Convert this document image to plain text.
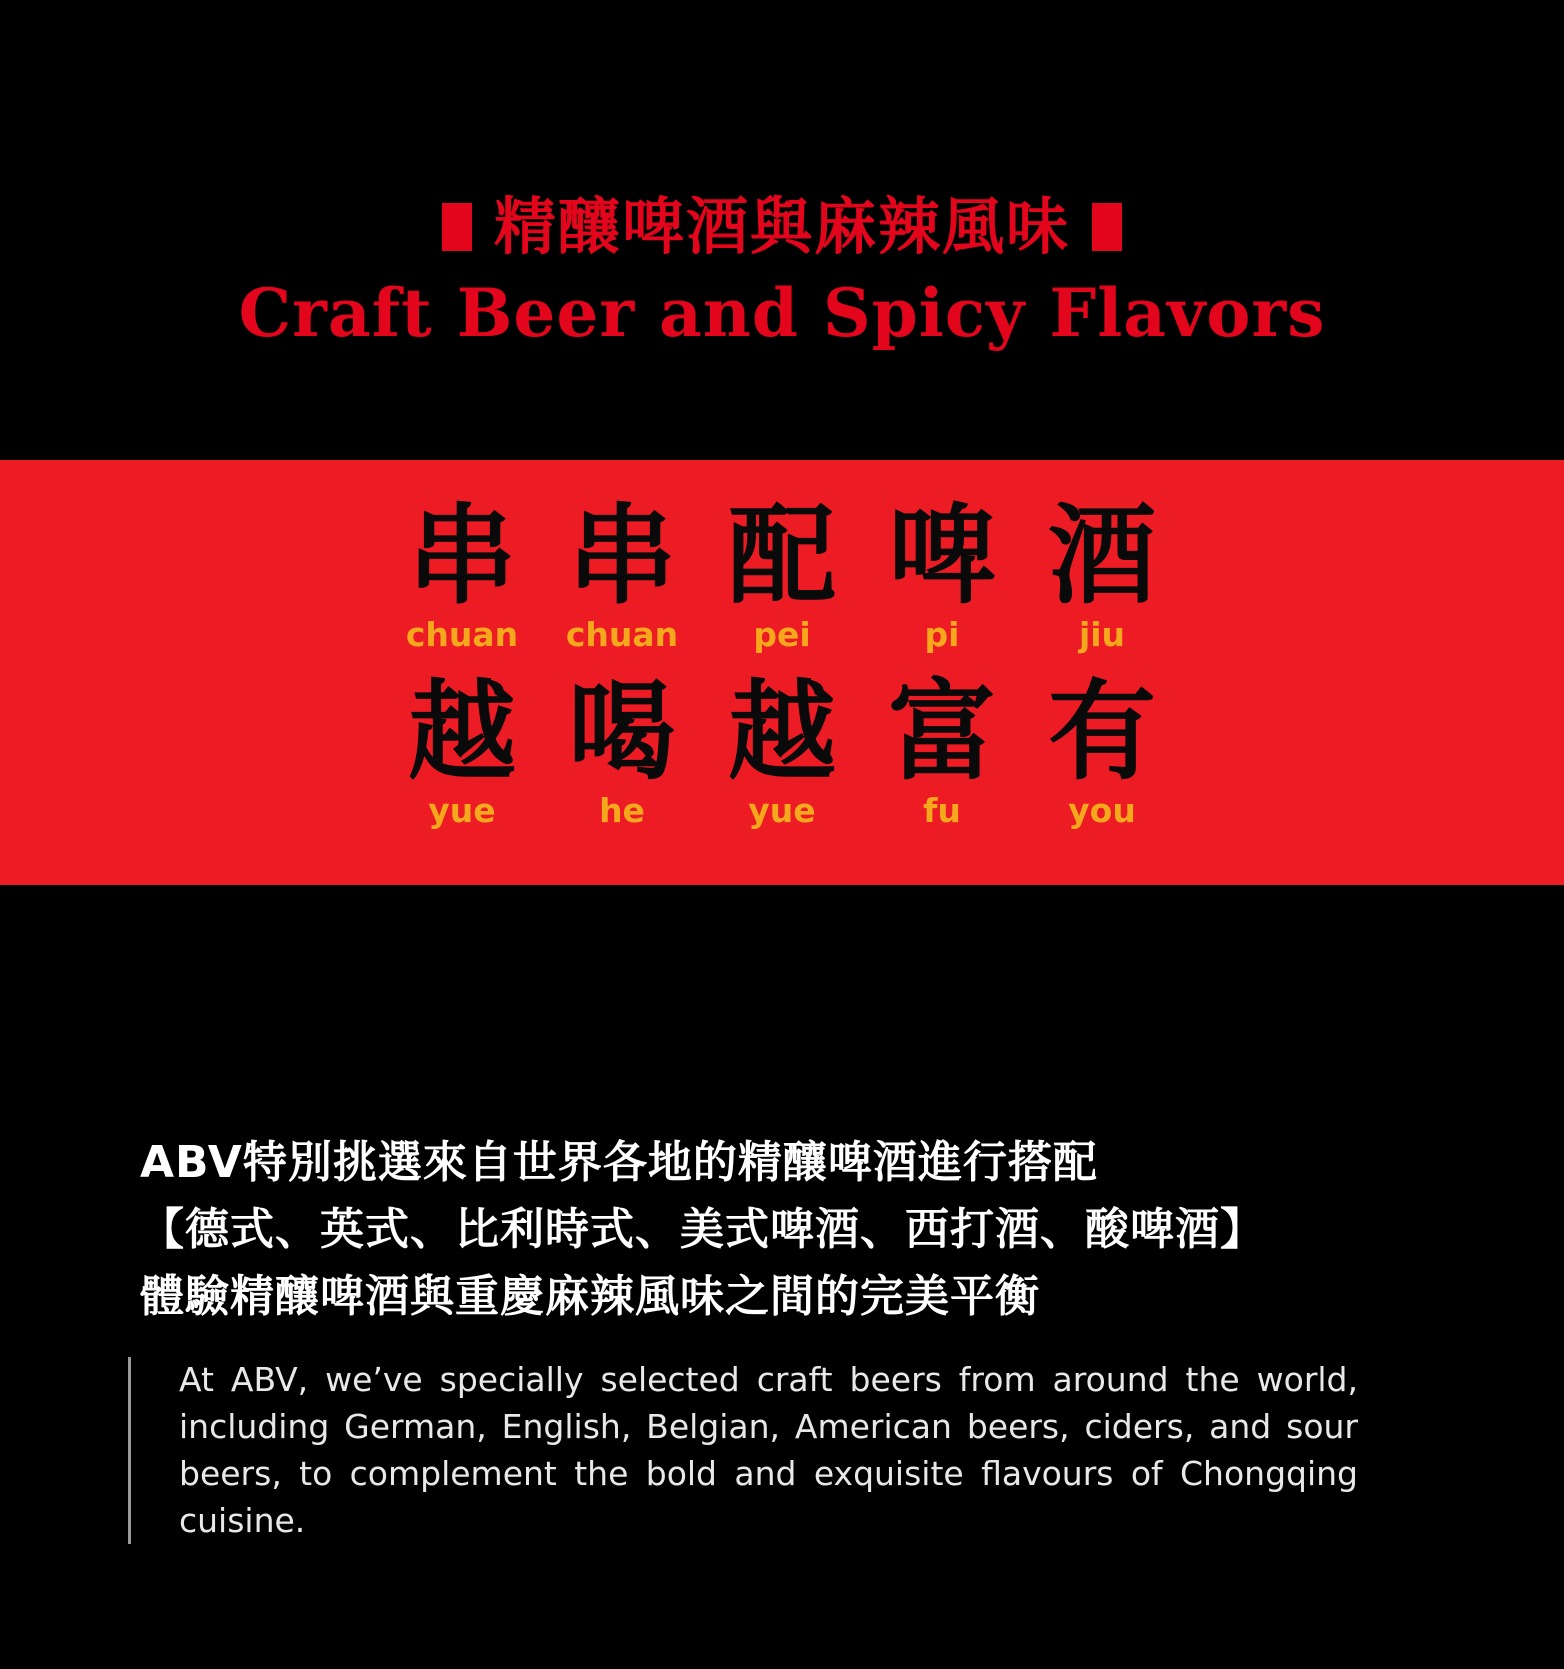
精釀啤酒與麻辣風味
Craft Beer and Spicy Flavors
串
chuan
串
chuan
配
pei
啤
pi
酒
jiu
越
yue
喝
he
越
yue
富
fu
有
you
ABV特別挑選來自世界各地的精釀啤酒進行搭配
【德式、英式、比利時式、美式啤酒、西打酒、酸啤酒】
體驗精釀啤酒與重慶麻辣風味之間的完美平衡

At ABV, we’ve specially selected craft beers from around the world, including German, English, Belgian, American beers, ciders, and sour beers, to complement the bold and exquisite flavours of Chongqing cuisine.
